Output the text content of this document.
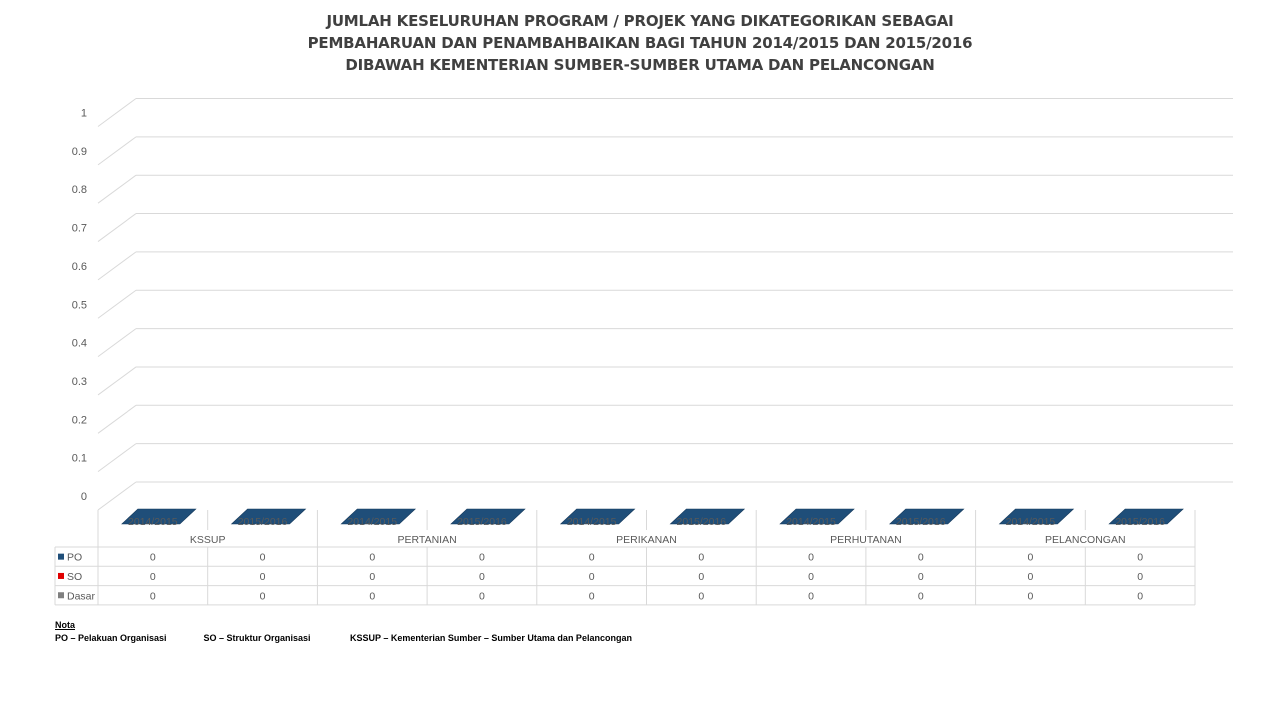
JUMLAH KESELURUHAN PROGRAM / PROJEK YANG DIKATEGORIKAN SEBAGAI
PEMBAHARUAN DAN PENAMBAHBAIKAN BAGI TAHUN 2014/2015 DAN 2015/2016
DIBAWAH KEMENTERIAN SUMBER-SUMBER UTAMA DAN PELANCONGAN
0
0.1
0.2
0.3
0.4
0.5
0.6
0.7
0.8
0.9
1
2014/2015	2015/2016	2014/2015	2015/2016	2014/2015	2015/2016	2014/2015	2015/2016	2014/2015	2015/2016
KSSUP	PERTANIAN	PERIKANAN	PERHUTANAN	PELANCONGAN
PO	0	0	0	0	0	0	0	0	0	0
SO	0	0	0	0	0	0	0	0	0	0
Dasar	0	0	0	0	0	0	0	0	0	0
Nota
PO – Pelakuan Organisasi	SO – Struktur Organisasi	KSSUP – Kementerian Sumber – Sumber Utama dan Pelancongan
